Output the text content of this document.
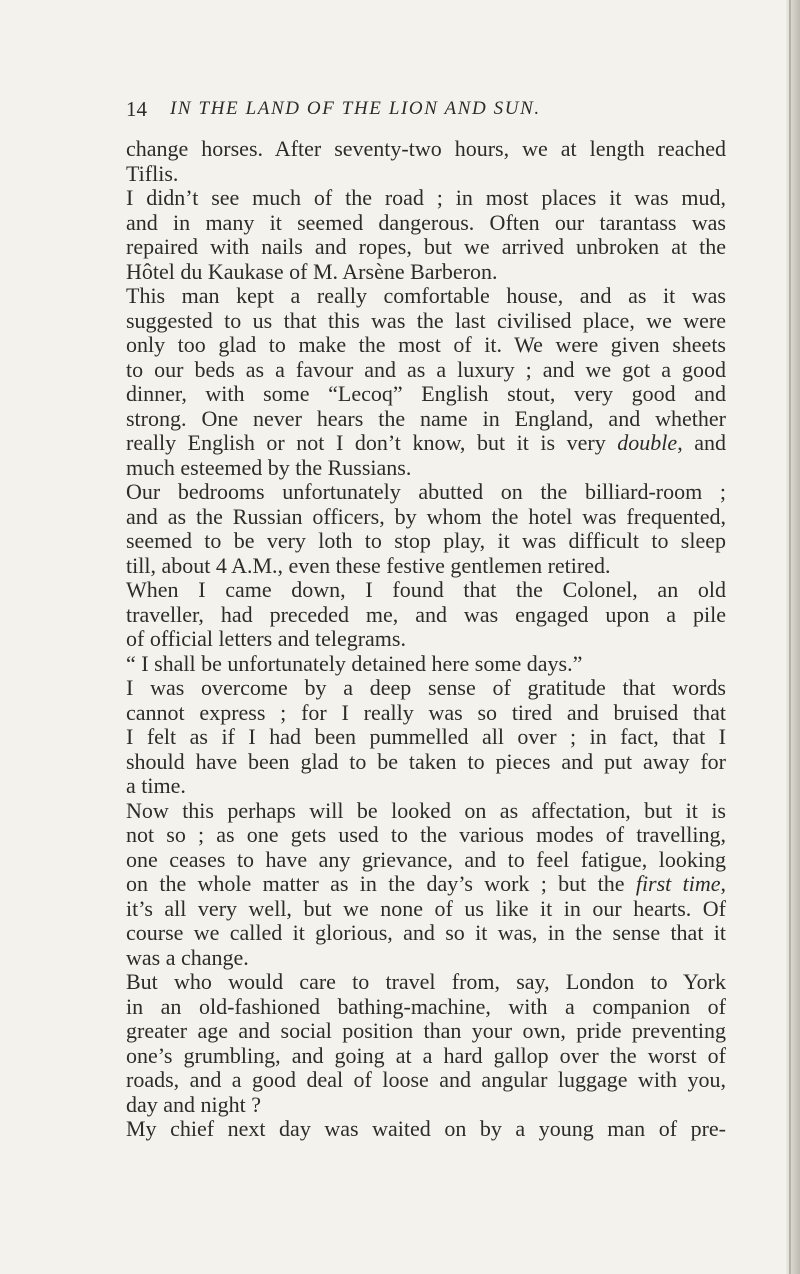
14 IN THE LAND OF THE LION AND SUN.
change horses. After seventy-two hours, we at length reached
Tiflis.
I didn’t see much of the road ; in most places it was mud,
and in many it seemed dangerous. Often our tarantass was
repaired with nails and ropes, but we arrived unbroken at the
Hôtel du Kaukase of M. Arsène Barberon.
This man kept a really comfortable house, and as it was
suggested to us that this was the last civilised place, we were
only too glad to make the most of it. We were given sheets
to our beds as a favour and as a luxury ; and we got a good
dinner, with some “Lecoq” English stout, very good and
strong. One never hears the name in England, and whether
really English or not I don’t know, but it is very double, and
much esteemed by the Russians.
Our bedrooms unfortunately abutted on the billiard-room ;
and as the Russian officers, by whom the hotel was frequented,
seemed to be very loth to stop play, it was difficult to sleep
till, about 4 A.M., even these festive gentlemen retired.
When I came down, I found that the Colonel, an old
traveller, had preceded me, and was engaged upon a pile
of official letters and telegrams.
“ I shall be unfortunately detained here some days.”
I was overcome by a deep sense of gratitude that words
cannot express ; for I really was so tired and bruised that
I felt as if I had been pummelled all over ; in fact, that I
should have been glad to be taken to pieces and put away for
a time.
Now this perhaps will be looked on as affectation, but it is
not so ; as one gets used to the various modes of travelling,
one ceases to have any grievance, and to feel fatigue, looking
on the whole matter as in the day’s work ; but the first time,
it’s all very well, but we none of us like it in our hearts. Of
course we called it glorious, and so it was, in the sense that it
was a change.
But who would care to travel from, say, London to York
in an old-fashioned bathing-machine, with a companion of
greater age and social position than your own, pride preventing
one’s grumbling, and going at a hard gallop over the worst of
roads, and a good deal of loose and angular luggage with you,
day and night ?
My chief next day was waited on by a young man of pre-
